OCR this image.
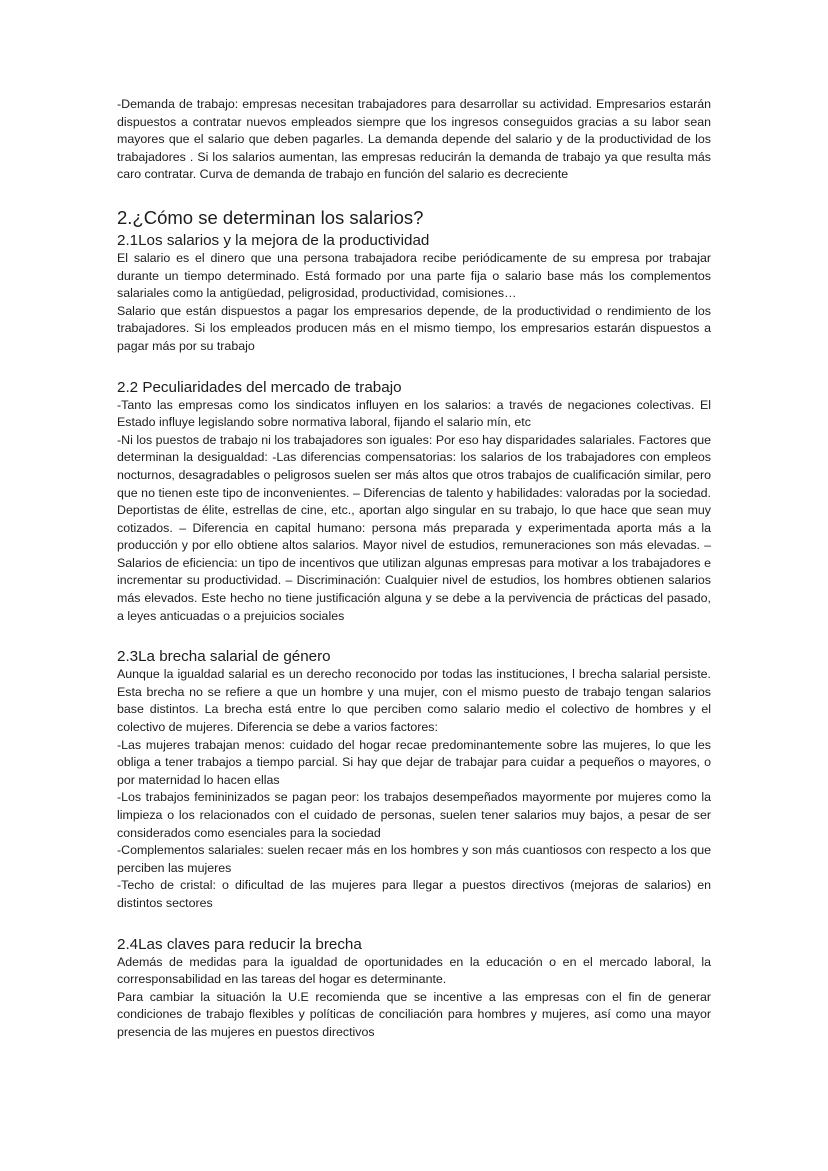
-Demanda de trabajo: empresas necesitan trabajadores para desarrollar su actividad. Empresarios estarán dispuestos a contratar nuevos empleados siempre que los ingresos conseguidos gracias a su labor sean mayores que el salario que deben pagarles. La demanda depende del salario y de la productividad de los trabajadores . Si los salarios aumentan, las empresas reducirán la demanda de trabajo ya que resulta más caro contratar. Curva de demanda de trabajo en función del salario es decreciente

2.¿Cómo se determinan los salarios?
2.1Los salarios y la mejora de la productividad

El salario es el dinero que una persona trabajadora recibe periódicamente de su empresa por trabajar durante un tiempo determinado. Está formado por una parte fija o salario base más los complementos salariales como la antigüedad, peligrosidad, productividad, comisiones…

Salario que están dispuestos a pagar los empresarios depende, de la productividad o rendimiento de los trabajadores. Si los empleados producen más en el mismo tiempo, los empresarios estarán dispuestos a pagar más por su trabajo

2.2 Peculiaridades del mercado de trabajo

-Tanto las empresas como los sindicatos influyen en los salarios: a través de negaciones colectivas. El Estado influye legislando sobre normativa laboral, fijando el salario mín, etc

-Ni los puestos de trabajo ni los trabajadores son iguales: Por eso hay disparidades salariales. Factores que determinan la desigualdad: -Las diferencias compensatorias: los salarios de los trabajadores con empleos nocturnos, desagradables o peligrosos suelen ser más altos que otros trabajos de cualificación similar, pero que no tienen este tipo de inconvenientes. – Diferencias de talento y habilidades: valoradas por la sociedad. Deportistas de élite, estrellas de cine, etc., aportan algo singular en su trabajo, lo que hace que sean muy cotizados. – Diferencia en capital humano: persona más preparada y experimentada aporta más a la producción y por ello obtiene altos salarios. Mayor nivel de estudios, remuneraciones son más elevadas. – Salarios de eficiencia: un tipo de incentivos que utilizan algunas empresas para motivar a los trabajadores e incrementar su productividad. – Discriminación: Cualquier nivel de estudios, los hombres obtienen salarios más elevados. Este hecho no tiene justificación alguna y se debe a la pervivencia de prácticas del pasado, a leyes anticuadas o a prejuicios sociales

2.3La brecha salarial de género

Aunque la igualdad salarial es un derecho reconocido por todas las instituciones, l brecha salarial persiste. Esta brecha no se refiere a que un hombre y una mujer, con el mismo puesto de trabajo tengan salarios base distintos. La brecha está entre lo que perciben como salario medio el colectivo de hombres y el colectivo de mujeres. Diferencia se debe a varios factores:

-Las mujeres trabajan menos: cuidado del hogar recae predominantemente sobre las mujeres, lo que les obliga a tener trabajos a tiempo parcial. Si hay que dejar de trabajar para cuidar a pequeños o mayores, o por maternidad lo hacen ellas

-Los trabajos femininizados se pagan peor: los trabajos desempeñados mayormente por mujeres como la limpieza o los relacionados con el cuidado de personas, suelen tener salarios muy bajos, a pesar de ser considerados como esenciales para la sociedad

-Complementos salariales: suelen recaer más en los hombres y son más cuantiosos con respecto a los que perciben las mujeres

-Techo de cristal: o dificultad de las mujeres para llegar a puestos directivos (mejoras de salarios) en distintos sectores

2.4Las claves para reducir la brecha

Además de medidas para la igualdad de oportunidades en la educación o en el mercado laboral, la corresponsabilidad en las tareas del hogar es determinante.

Para cambiar la situación la U.E recomienda que se incentive a las empresas con el fin de generar condiciones de trabajo flexibles y políticas de conciliación para hombres y mujeres, así como una mayor presencia de las mujeres en puestos directivos
